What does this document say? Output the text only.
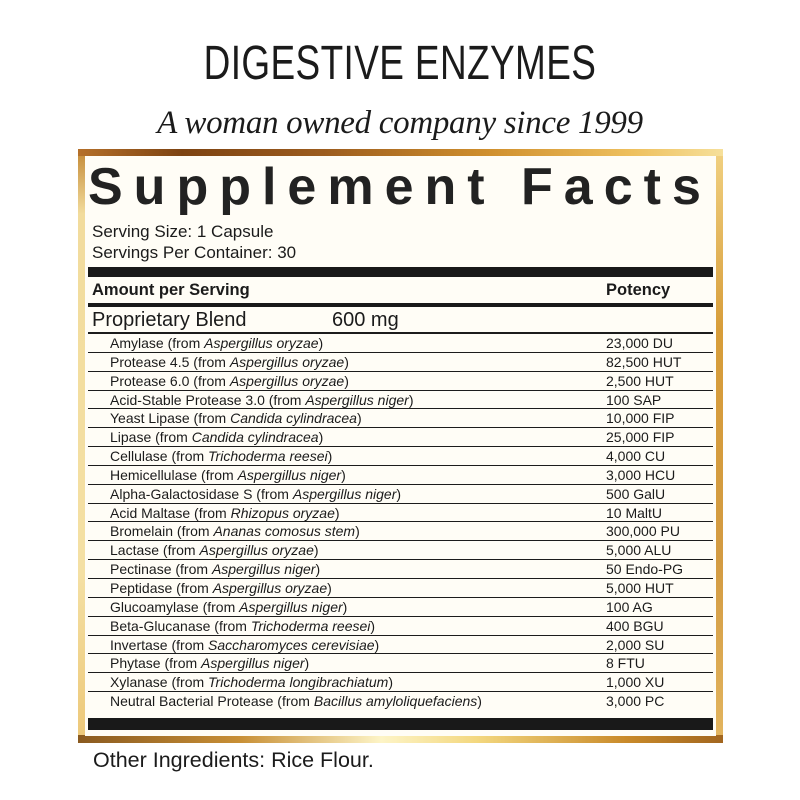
DIGESTIVE ENZYMES
A woman owned company since 1999
Supplement Facts
Serving Size: 1 Capsule
Servings Per Container: 30
Amount per Serving	Potency
Proprietary Blend	600 mg
Amylase (from Aspergillus oryzae)	23,000 DU
Protease 4.5 (from Aspergillus oryzae)	82,500 HUT
Protease 6.0 (from Aspergillus oryzae)	2,500 HUT
Acid-Stable Protease 3.0 (from Aspergillus niger)	100 SAP
Yeast Lipase (from Candida cylindracea)	10,000 FIP
Lipase (from Candida cylindracea)	25,000 FIP
Cellulase (from Trichoderma reesei)	4,000 CU
Hemicellulase (from Aspergillus niger)	3,000 HCU
Alpha-Galactosidase S (from Aspergillus niger)	500 GalU
Acid Maltase (from Rhizopus oryzae)	10 MaltU
Bromelain (from Ananas comosus stem)	300,000 PU
Lactase (from Aspergillus oryzae)	5,000 ALU
Pectinase (from Aspergillus niger)	50 Endo-PG
Peptidase (from Aspergillus oryzae)	5,000 HUT
Glucoamylase (from Aspergillus niger)	100 AG
Beta-Glucanase (from Trichoderma reesei)	400 BGU
Invertase (from Saccharomyces cerevisiae)	2,000 SU
Phytase (from Aspergillus niger)	8 FTU
Xylanase (from Trichoderma longibrachiatum)	1,000 XU
Neutral Bacterial Protease (from Bacillus amyloliquefaciens)	3,000 PC
Other Ingredients: Rice Flour.
